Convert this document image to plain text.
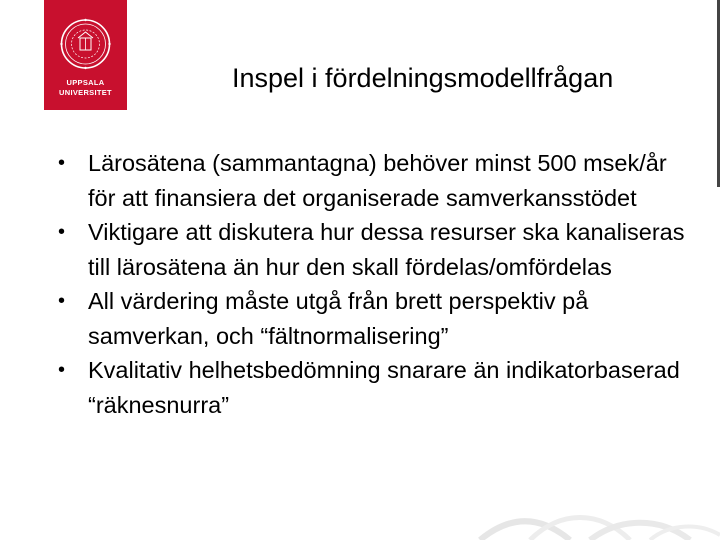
UPPSALA
UNIVERSITET	Inspel i fördelningsmodellfrågan
• Lärosätena (sammantagna) behöver minst 500 msek/år för att finansiera det organiserade samverkansstödet
• Viktigare att diskutera hur dessa resurser ska kanaliseras till lärosätena än hur den skall fördelas/omfördelas
• All värdering måste utgå från brett perspektiv på samverkan, och “fältnormalisering”
• Kvalitativ helhetsbedömning snarare än indikatorbaserad “räknesnurra”
